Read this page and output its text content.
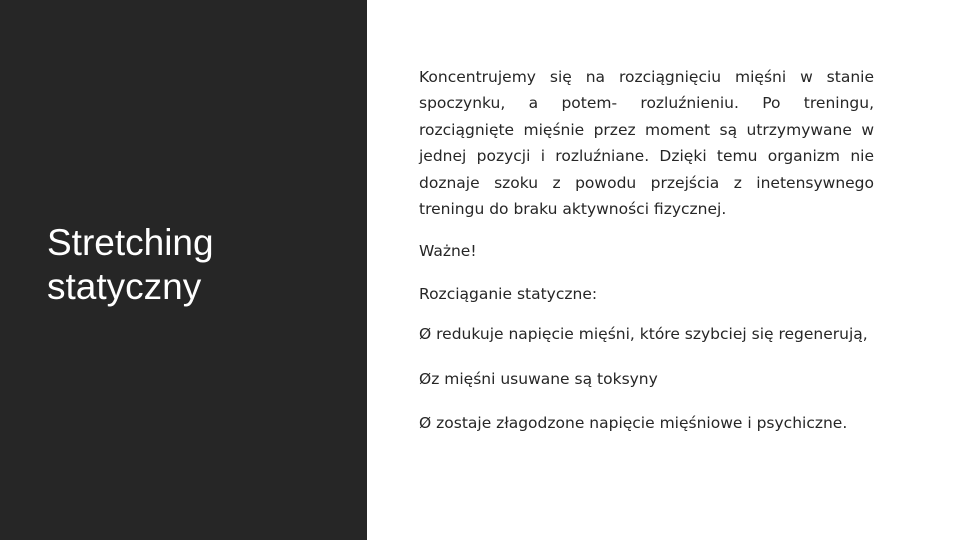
Stretching
statyczny

Koncentrujemy się na rozciągnięciu mięśni w stanie spoczynku, a potem- rozluźnieniu. Po treningu, rozciągnięte mięśnie przez moment są utrzymywane w jednej pozycji i rozluźniane. Dzięki temu organizm nie doznaje szoku z powodu przejścia z inetensywnego treningu do braku aktywności fizycznej.

Ważne!

Rozciąganie statyczne:

Ø redukuje napięcie mięśni, które szybciej się regenerują,

Øz mięśni usuwane są toksyny

Ø zostaje złagodzone napięcie mięśniowe i psychiczne.
